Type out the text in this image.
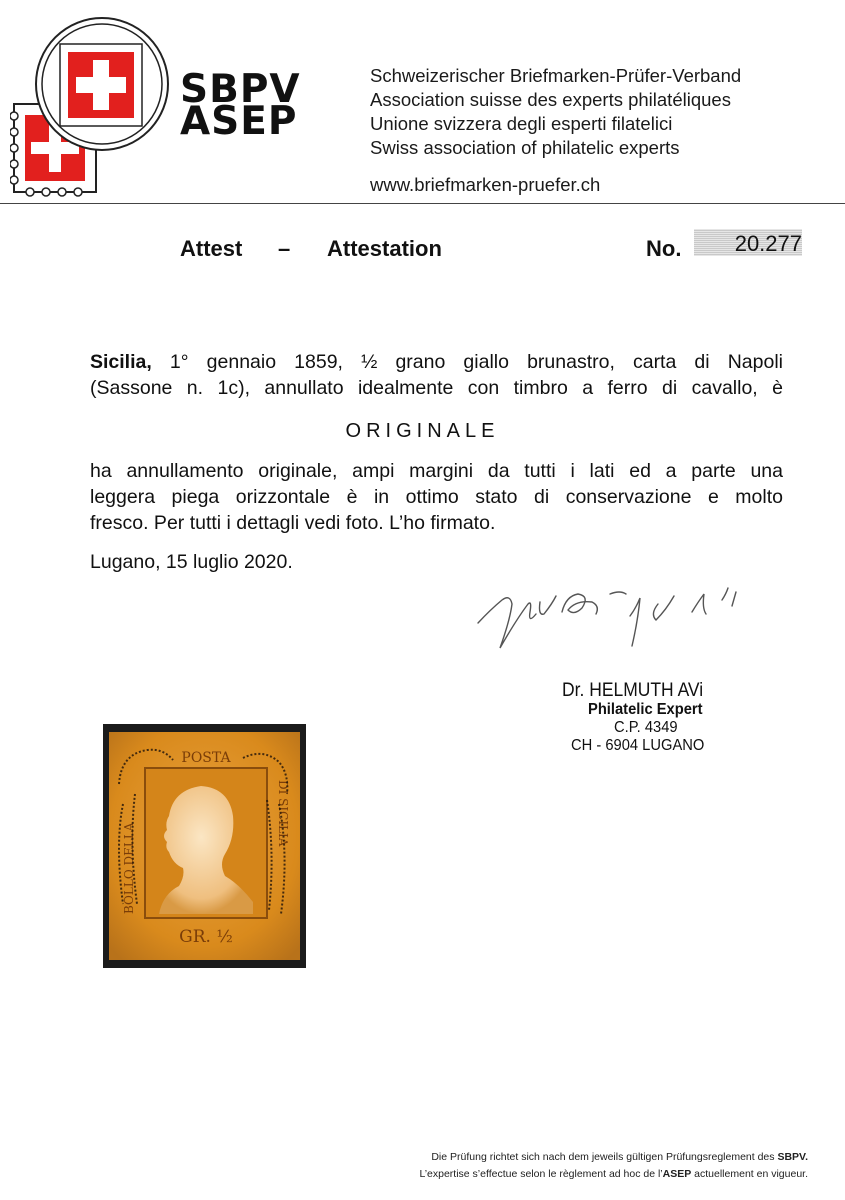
SBPV
ASEP
Schweizerischer Briefmarken-Prüfer-Verband
Association suisse des experts philatéliques
Unione svizzera degli esperti filatelici
Swiss association of philatelic experts
www.briefmarken-pruefer.ch
Attest – Attestation	No.	20.277
Sicilia, 1° gennaio 1859, ½ grano giallo brunastro, carta di Napoli
(Sassone n. 1c), annullato idealmente con timbro a ferro di cavallo, è
ORIGINALE
ha annullamento originale, ampi margini da tutti i lati ed a parte una
leggera piega orizzontale è in ottimo stato di conservazione e molto
fresco. Per tutti i dettagli vedi foto. L’ho firmato.
Lugano, 15 luglio 2020.
Dr. HELMUTH AVi
Philatelic Expert
C.P. 4349
CH - 6904 LUGANO
POSTA
GR. ½
BOLLO DELLA
DI SICILIA
Die Prüfung richtet sich nach dem jeweils gültigen Prüfungsreglement des SBPV.
L’expertise s’effectue selon le règlement ad hoc de l’ASEP actuellement en vigueur.
